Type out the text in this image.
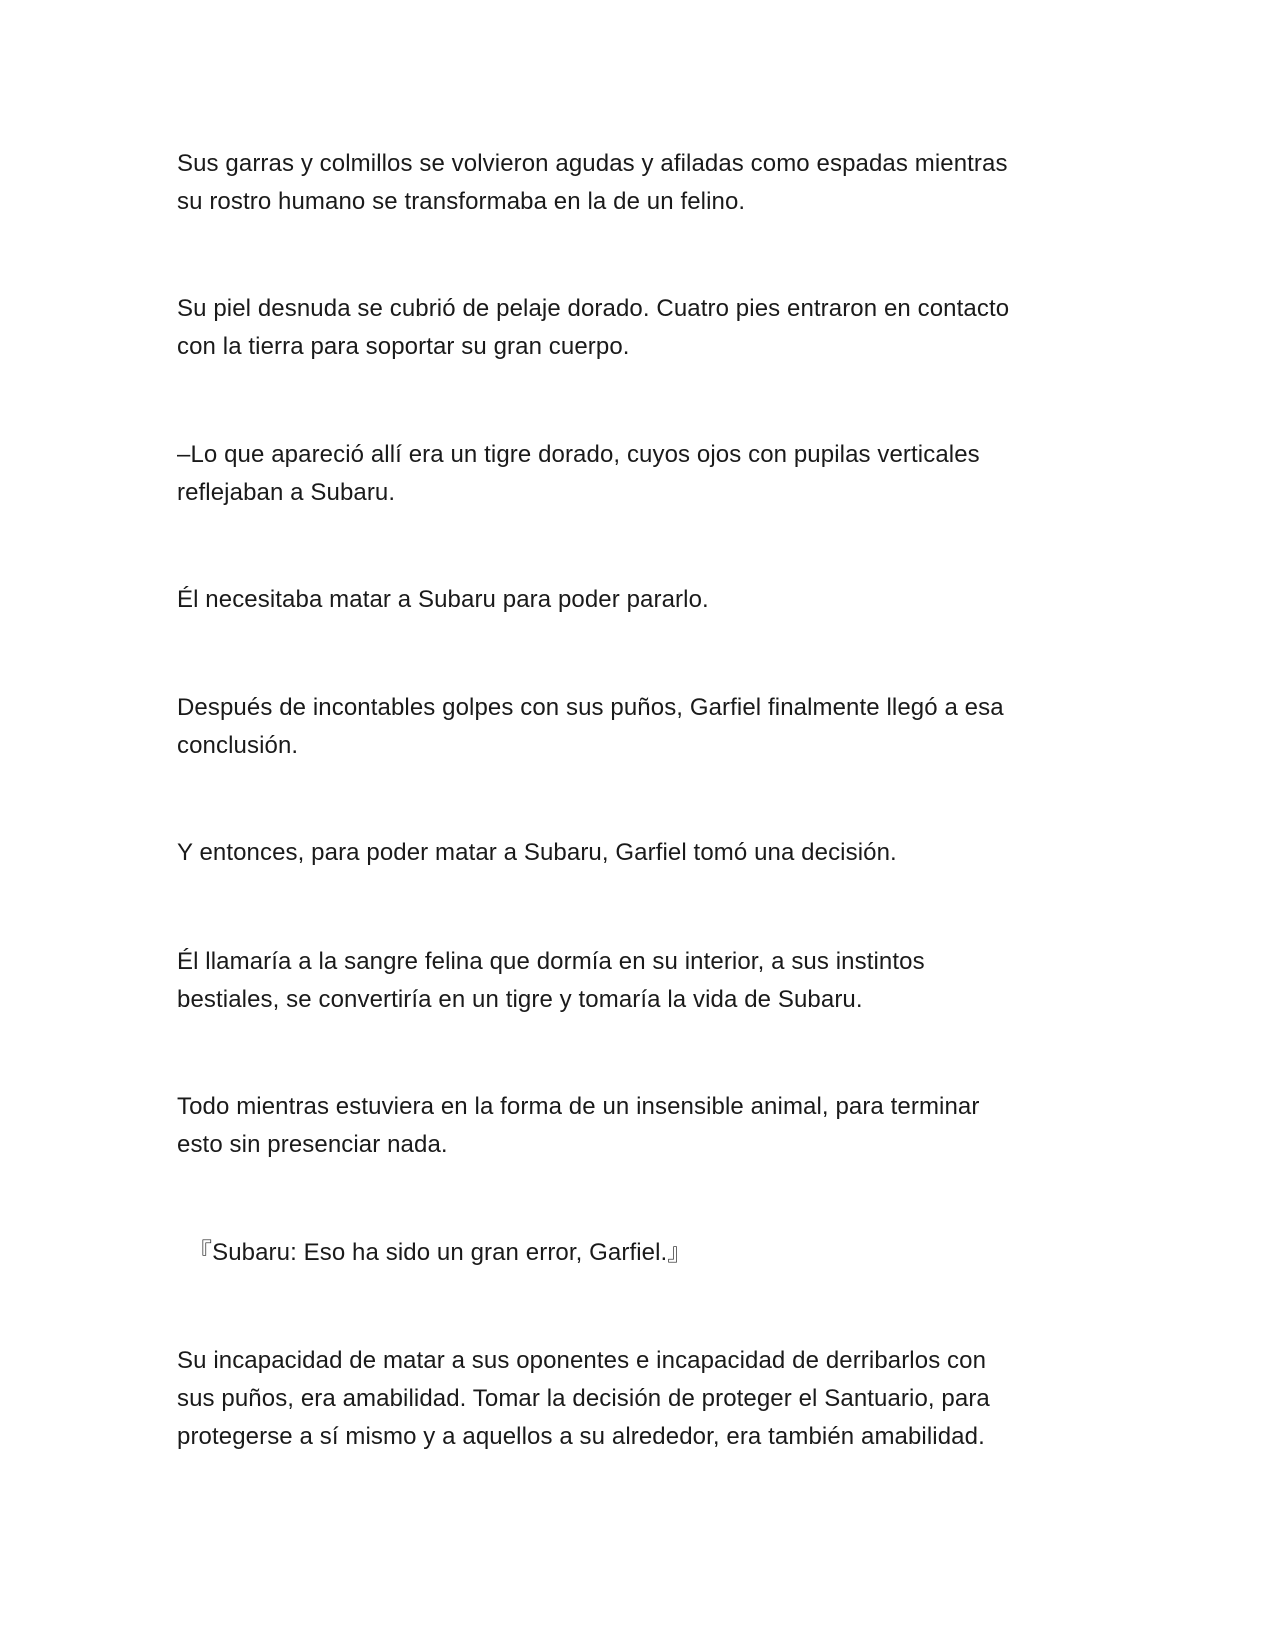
Sus garras y colmillos se volvieron agudas y afiladas como espadas mientras
su rostro humano se transformaba en la de un felino.

Su piel desnuda se cubrió de pelaje dorado. Cuatro pies entraron en contacto
con la tierra para soportar su gran cuerpo.

–Lo que apareció allí era un tigre dorado, cuyos ojos con pupilas verticales
reflejaban a Subaru.

Él necesitaba matar a Subaru para poder pararlo.

Después de incontables golpes con sus puños, Garfiel finalmente llegó a esa
conclusión.

Y entonces, para poder matar a Subaru, Garfiel tomó una decisión.

Él llamaría a la sangre felina que dormía en su interior, a sus instintos
bestiales, se convertiría en un tigre y tomaría la vida de Subaru.

Todo mientras estuviera en la forma de un insensible animal, para terminar
esto sin presenciar nada.

『Subaru: Eso ha sido un gran error, Garfiel.』

Su incapacidad de matar a sus oponentes e incapacidad de derribarlos con
sus puños, era amabilidad. Tomar la decisión de proteger el Santuario, para
protegerse a sí mismo y a aquellos a su alrededor, era también amabilidad.
